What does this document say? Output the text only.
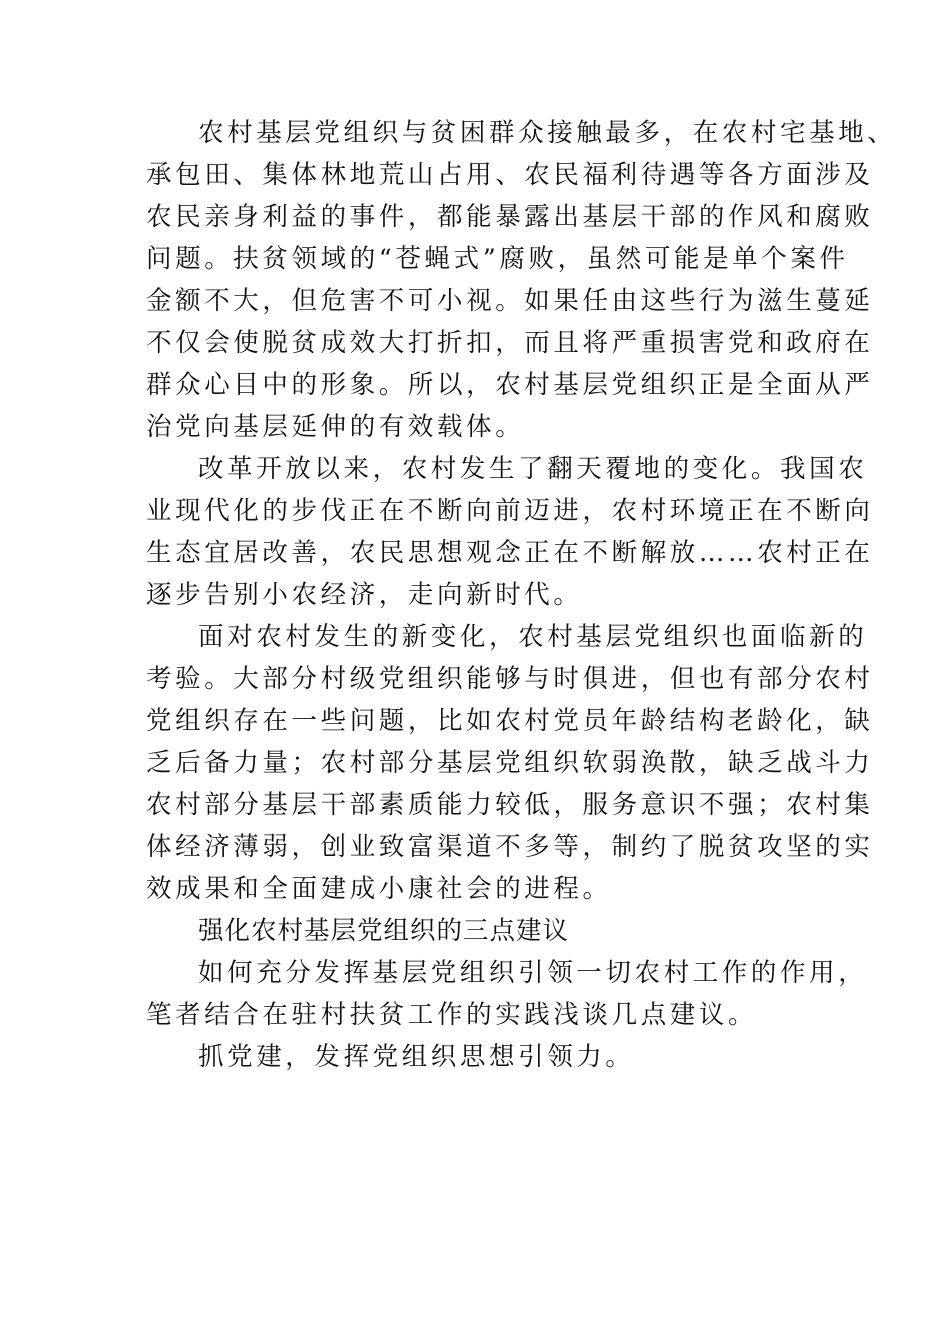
农村基层党组织与贫困群众接触最多，在农村宅基地、
承包田、集体林地荒山占用、农民福利待遇等各方面涉及
农民亲身利益的事件，都能暴露出基层干部的作风和腐败
问题。扶贫领域的“苍蝇式”腐败，虽然可能是单个案件
金额不大，但危害不可小视。如果任由这些行为滋生蔓延
不仅会使脱贫成效大打折扣，而且将严重损害党和政府在
群众心目中的形象。所以，农村基层党组织正是全面从严
治党向基层延伸的有效载体。

改革开放以来，农村发生了翻天覆地的变化。我国农
业现代化的步伐正在不断向前迈进，农村环境正在不断向
生态宜居改善，农民思想观念正在不断解放……农村正在
逐步告别小农经济，走向新时代。

面对农村发生的新变化，农村基层党组织也面临新的
考验。大部分村级党组织能够与时俱进，但也有部分农村
党组织存在一些问题，比如农村党员年龄结构老龄化，缺
乏后备力量；农村部分基层党组织软弱涣散，缺乏战斗力
农村部分基层干部素质能力较低，服务意识不强；农村集
体经济薄弱，创业致富渠道不多等，制约了脱贫攻坚的实
效成果和全面建成小康社会的进程。

强化农村基层党组织的三点建议

如何充分发挥基层党组织引领一切农村工作的作用，
笔者结合在驻村扶贫工作的实践浅谈几点建议。

抓党建，发挥党组织思想引领力。
